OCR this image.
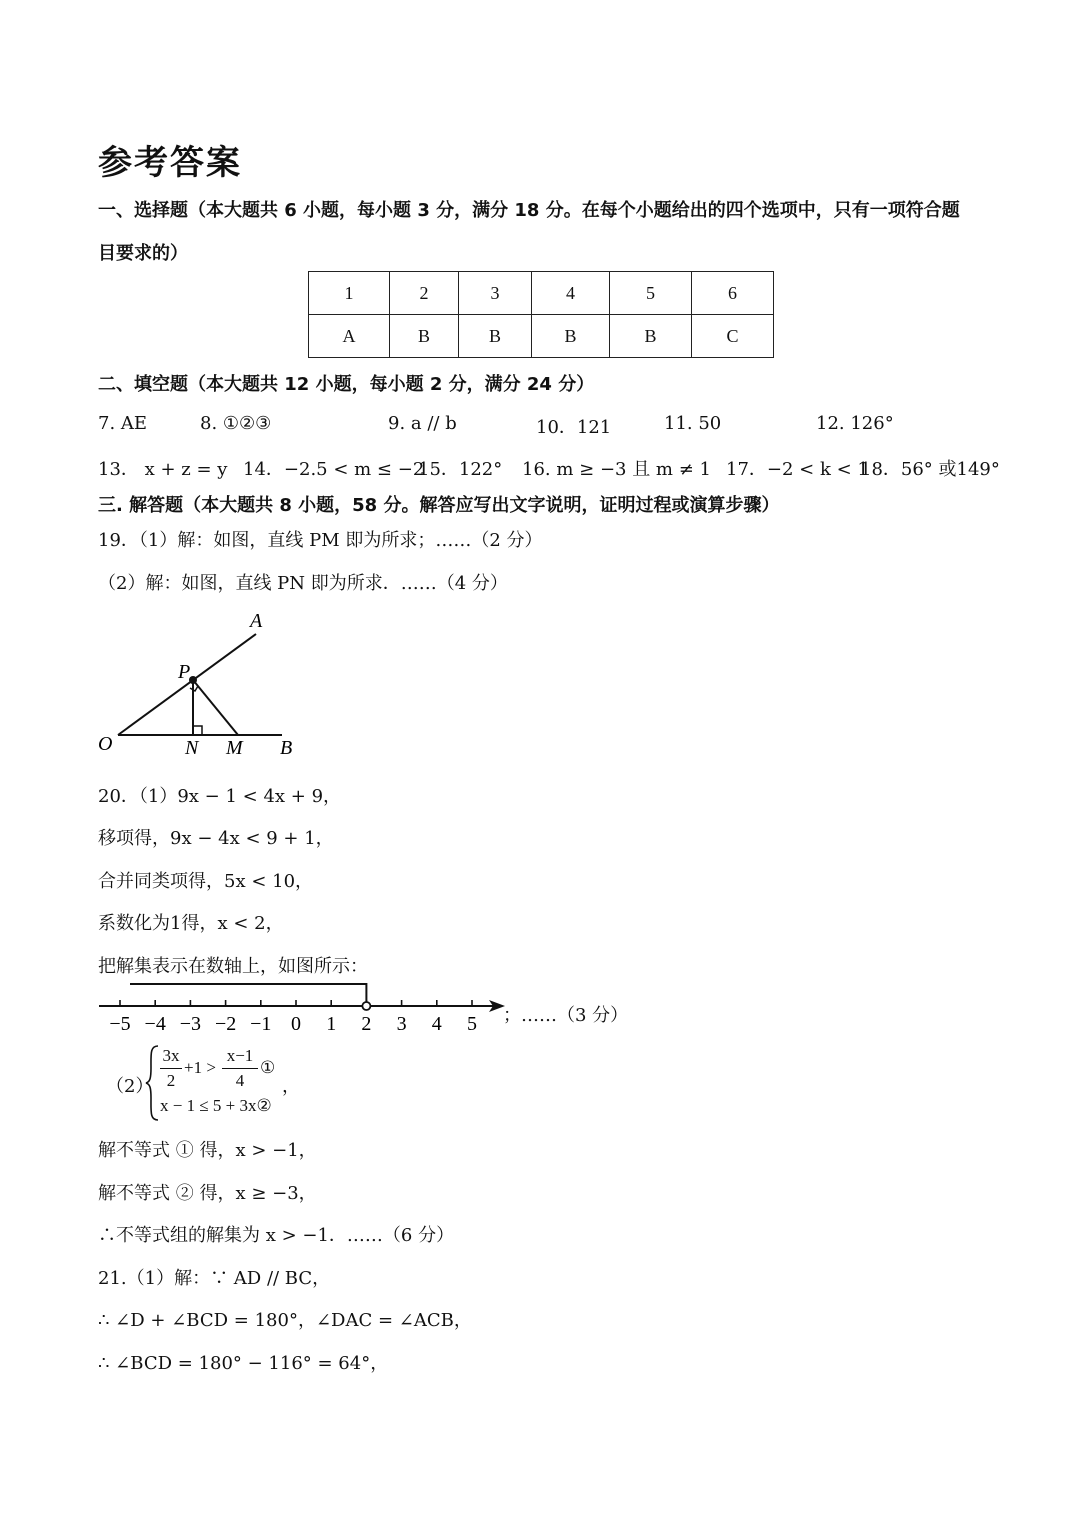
参考答案
一、选择题（本大题共 6 小题，每小题 3 分，满分 18 分。在每个小题给出的四个选项中，只有一项符合题
目要求的）
1	2	3	4	5	6
A	B	B	B	B	C
二、填空题（本大题共 12 小题，每小题 2 分，满分 24 分）
7. AE	8. ①②③	9. a // b	10．121	11. 50	12. 126°
13． x + z = y 14．−2.5 < m ≤ −2
15．122° 16. m ≥ −3 且 m ≠ 1 17．−2 < k < 1
18．56° 或149°
三. 解答题（本大题共 8 小题，58 分。解答应写出文字说明，证明过程或演算步骤）
19．（1）解：如图，直线 PM 即为所求；……（2 分）
（2）解：如图，直线 PN 即为所求．……（4 分）
A
P
O	N M B
20．（1）9x − 1 < 4x + 9，
移项得，9x − 4x < 9 + 1，
合并同类项得，5x < 10，
系数化为1得，x < 2，
把解集表示在数轴上，如图所示：
−5 −4 −3 −2 −1 0 1 2 3 4 5 ；……（3 分）
（2）
3x
2
+1 >
x−1
4
①
，
x − 1 ≤ 5 + 3x②
解不等式 ① 得，x > −1，
解不等式 ② 得，x ≥ −3，
∴不等式组的解集为 x > −1．……（6 分）
21.（1）解：∵ AD // BC，
∴ ∠D + ∠BCD = 180°，∠DAC = ∠ACB，
∴ ∠BCD = 180° − 116° = 64°，
